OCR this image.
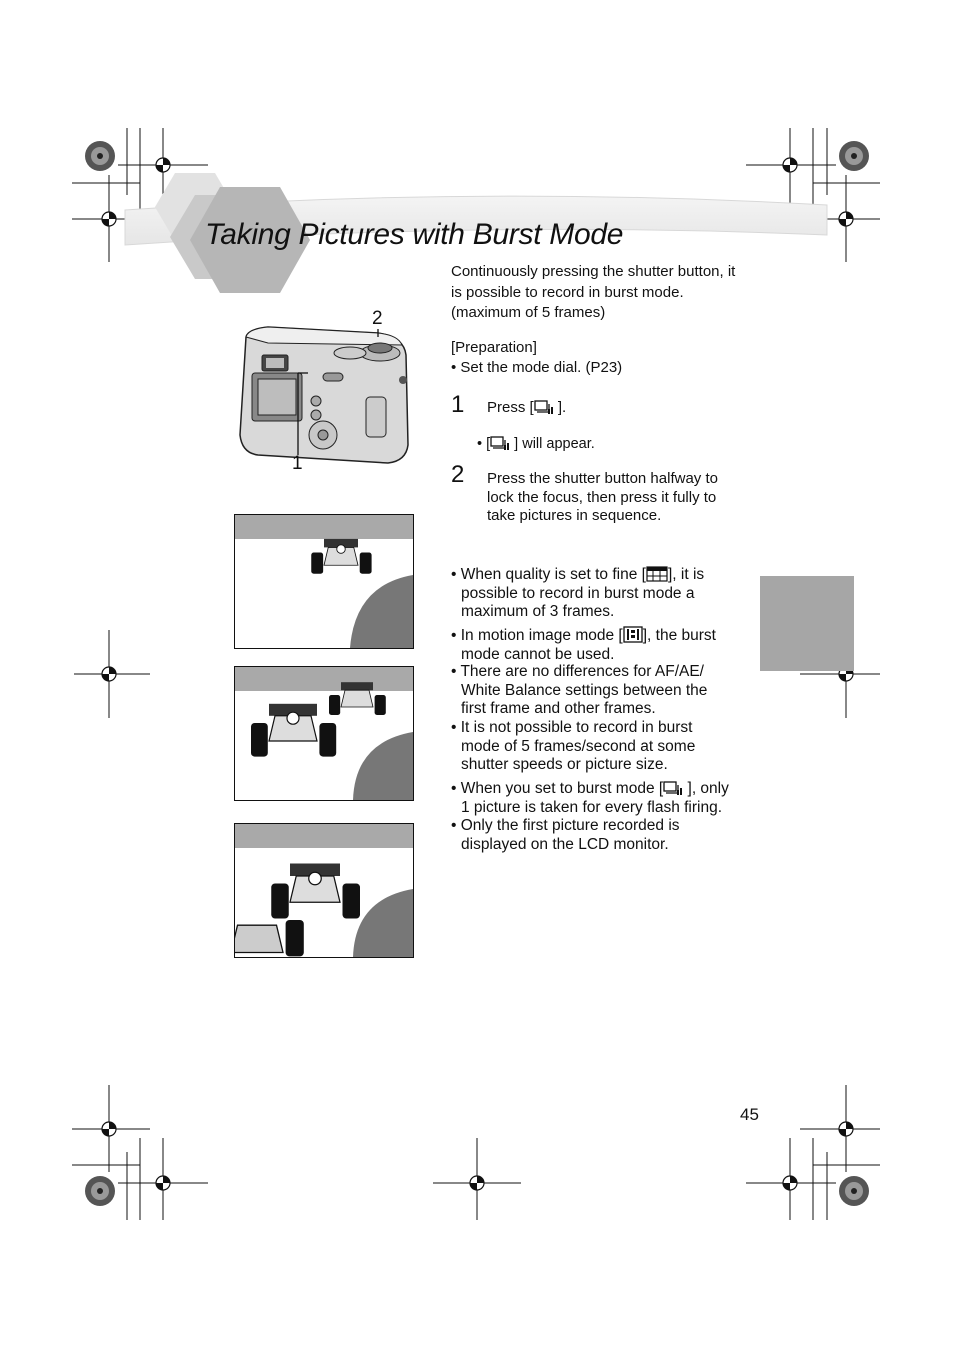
Taking Pictures with Burst Mode
Continuously pressing the shutter button, it
is possible to record in burst mode.
(maximum of 5 frames)
[Preparation]
• Set the mode dial. (P23)
1 Press [ ].
• [ ] will appear.
2 Press the shutter button halfway to
lock the focus, then press it fully to
take pictures in sequence.
• When quality is set to fine [ ], it is
possible to record in burst mode a
maximum of 3 frames.
• In motion image mode [ ], the burst
mode cannot be used.
• There are no differences for AF/AE/
White Balance settings between the
first frame and other frames.
• It is not possible to record in burst
mode of 5 frames/second at some
shutter speeds or picture size.
• When you set to burst mode [ ], only
1 picture is taken for every flash firing.
• Only the first picture recorded is
displayed on the LCD monitor.
2
1
45
